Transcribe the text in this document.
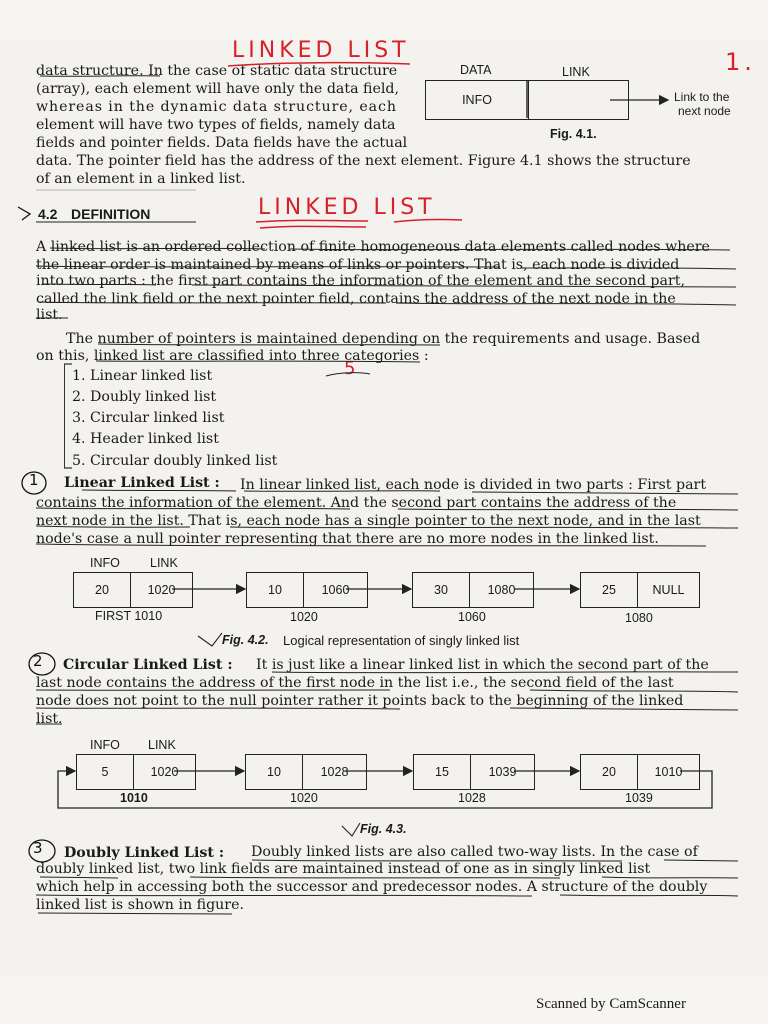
LINKED LIST	1.
LINKED LIST
data structure. In the case of static data structure
(array), each element will have only the data field,
whereas in the dynamic data structure, each
element will have two types of fields, namely data
fields and pointer fields. Data fields have the actual
data. The pointer field has the address of the next element. Figure 4.1 shows the structure
of an element in a linked list.
DATA	LINK
INFO	Link to the
next node
Fig. 4.1.
4.2 DEFINITION
A linked list is an ordered collection of finite homogeneous data elements called nodes where
the linear order is maintained by means of links or pointers. That is, each node is divided
into two parts : the first part contains the information of the element and the second part,
called the link field or the next pointer field, contains the address of the next node in the
list.
The number of pointers is maintained depending on the requirements and usage. Based
on this, linked list are classified into three categories :
5
1. Linear linked list
2. Doubly linked list
3. Circular linked list
4. Header linked list
5. Circular doubly linked list
1 Linear Linked List : In linear linked list, each node is divided in two parts : First part
contains the information of the element. And the second part contains the address of the
next node in the list. That is, each node has a single pointer to the next node, and in the last
node's case a null pointer representing that there are no more nodes in the linked list.
INFO LINK
20	1020	10	1060	30	1080	25	NULL
FIRST 1010	1020	1060	1080
Fig. 4.2. Logical representation of singly linked list
2 Circular Linked List : It is just like a linear linked list in which the second part of the
last node contains the address of the first node in the list i.e., the second field of the last
node does not point to the null pointer rather it points back to the beginning of the linked
list.
INFO LINK
5	1020	10	1028	15	1039	20	1010
1010	1020	1028	1039
Fig. 4.3.
3 Doubly Linked List : Doubly linked lists are also called two-way lists. In the case of
doubly linked list, two link fields are maintained instead of one as in singly linked list
which help in accessing both the successor and predecessor nodes. A structure of the doubly
linked list is shown in figure.
Scanned by CamScanner
